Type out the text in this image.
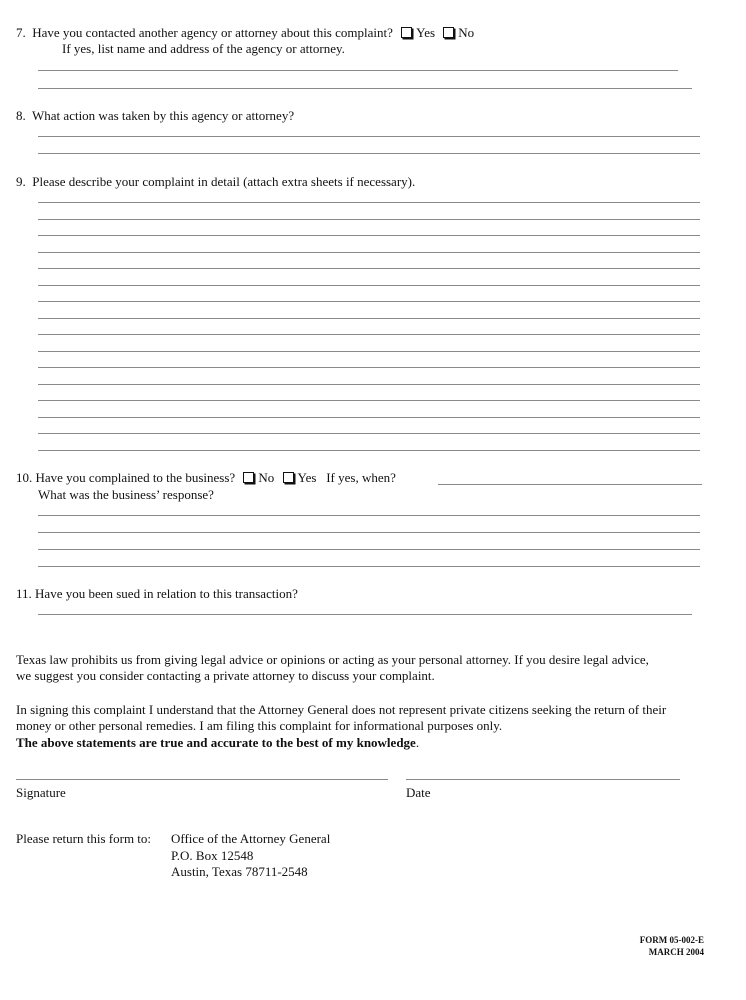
7. Have you contacted another agency or attorney about this complaint? Yes No
If yes, list name and address of the agency or attorney.
8. What action was taken by this agency or attorney?
9. Please describe your complaint in detail (attach extra sheets if necessary).
10. Have you complained to the business? No Yes If yes, when?
What was the business’ response?
11. Have you been sued in relation to this transaction?
Texas law prohibits us from giving legal advice or opinions or acting as your personal attorney. If you desire legal advice,
we suggest you consider contacting a private attorney to discuss your complaint.
In signing this complaint I understand that the Attorney General does not represent private citizens seeking the return of their
money or other personal remedies. I am filing this complaint for informational purposes only.
The above statements are true and accurate to the best of my knowledge.
Signature	Date
Please return this form to: Office of the Attorney General
P.O. Box 12548
Austin, Texas 78711-2548
FORM 05-002-E
MARCH 2004
